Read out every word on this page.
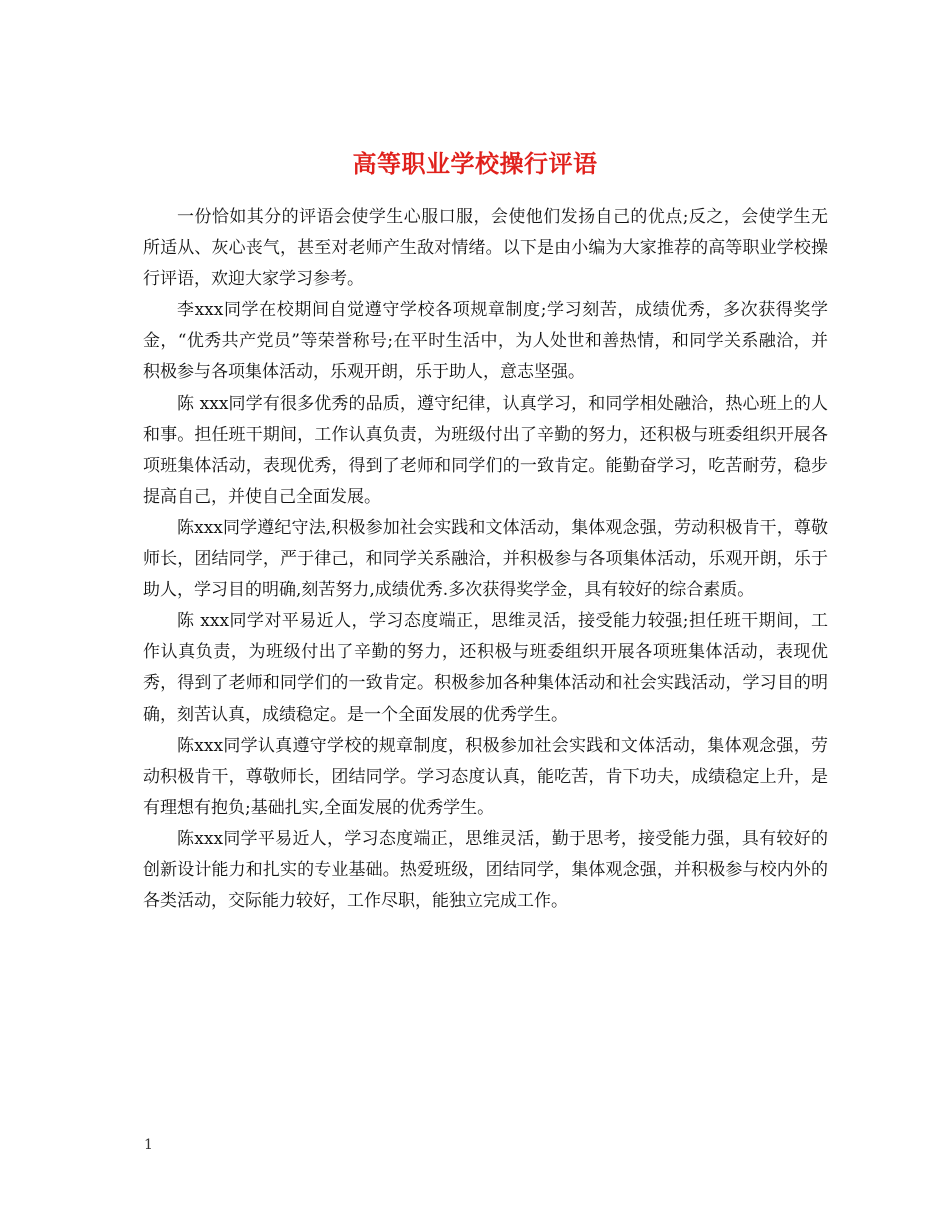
高等职业学校操行评语

一份恰如其分的评语会使学生心服口服，会使他们发扬自己的优点;反之，会使学生无所适从、灰心丧气，甚至对老师产生敌对情绪。以下是由小编为大家推荐的高等职业学校操行评语，欢迎大家学习参考。

李xxx同学在校期间自觉遵守学校各项规章制度;学习刻苦，成绩优秀，多次获得奖学金，“优秀共产党员”等荣誉称号;在平时生活中，为人处世和善热情，和同学关系融洽，并积极参与各项集体活动，乐观开朗，乐于助人，意志坚强。

陈 xxx同学有很多优秀的品质，遵守纪律，认真学习，和同学相处融洽，热心班上的人和事。担任班干期间，工作认真负责，为班级付出了辛勤的努力，还积极与班委组织开展各项班集体活动，表现优秀，得到了老师和同学们的一致肯定。能勤奋学习，吃苦耐劳，稳步提高自己，并使自己全面发展。

陈xxx同学遵纪守法,积极参加社会实践和文体活动，集体观念强，劳动积极肯干，尊敬师长，团结同学，严于律己，和同学关系融洽，并积极参与各项集体活动，乐观开朗，乐于助人，学习目的明确,刻苦努力,成绩优秀.多次获得奖学金，具有较好的综合素质。

陈 xxx同学对平易近人，学习态度端正，思维灵活，接受能力较强;担任班干期间，工作认真负责，为班级付出了辛勤的努力，还积极与班委组织开展各项班集体活动，表现优秀，得到了老师和同学们的一致肯定。积极参加各种集体活动和社会实践活动，学习目的明确，刻苦认真，成绩稳定。是一个全面发展的优秀学生。

陈xxx同学认真遵守学校的规章制度，积极参加社会实践和文体活动，集体观念强，劳动积极肯干，尊敬师长，团结同学。学习态度认真，能吃苦，肯下功夫，成绩稳定上升，是有理想有抱负;基础扎实,全面发展的优秀学生。

陈xxx同学平易近人，学习态度端正，思维灵活，勤于思考，接受能力强，具有较好的创新设计能力和扎实的专业基础。热爱班级，团结同学，集体观念强，并积极参与校内外的各类活动，交际能力较好，工作尽职，能独立完成工作。

1
